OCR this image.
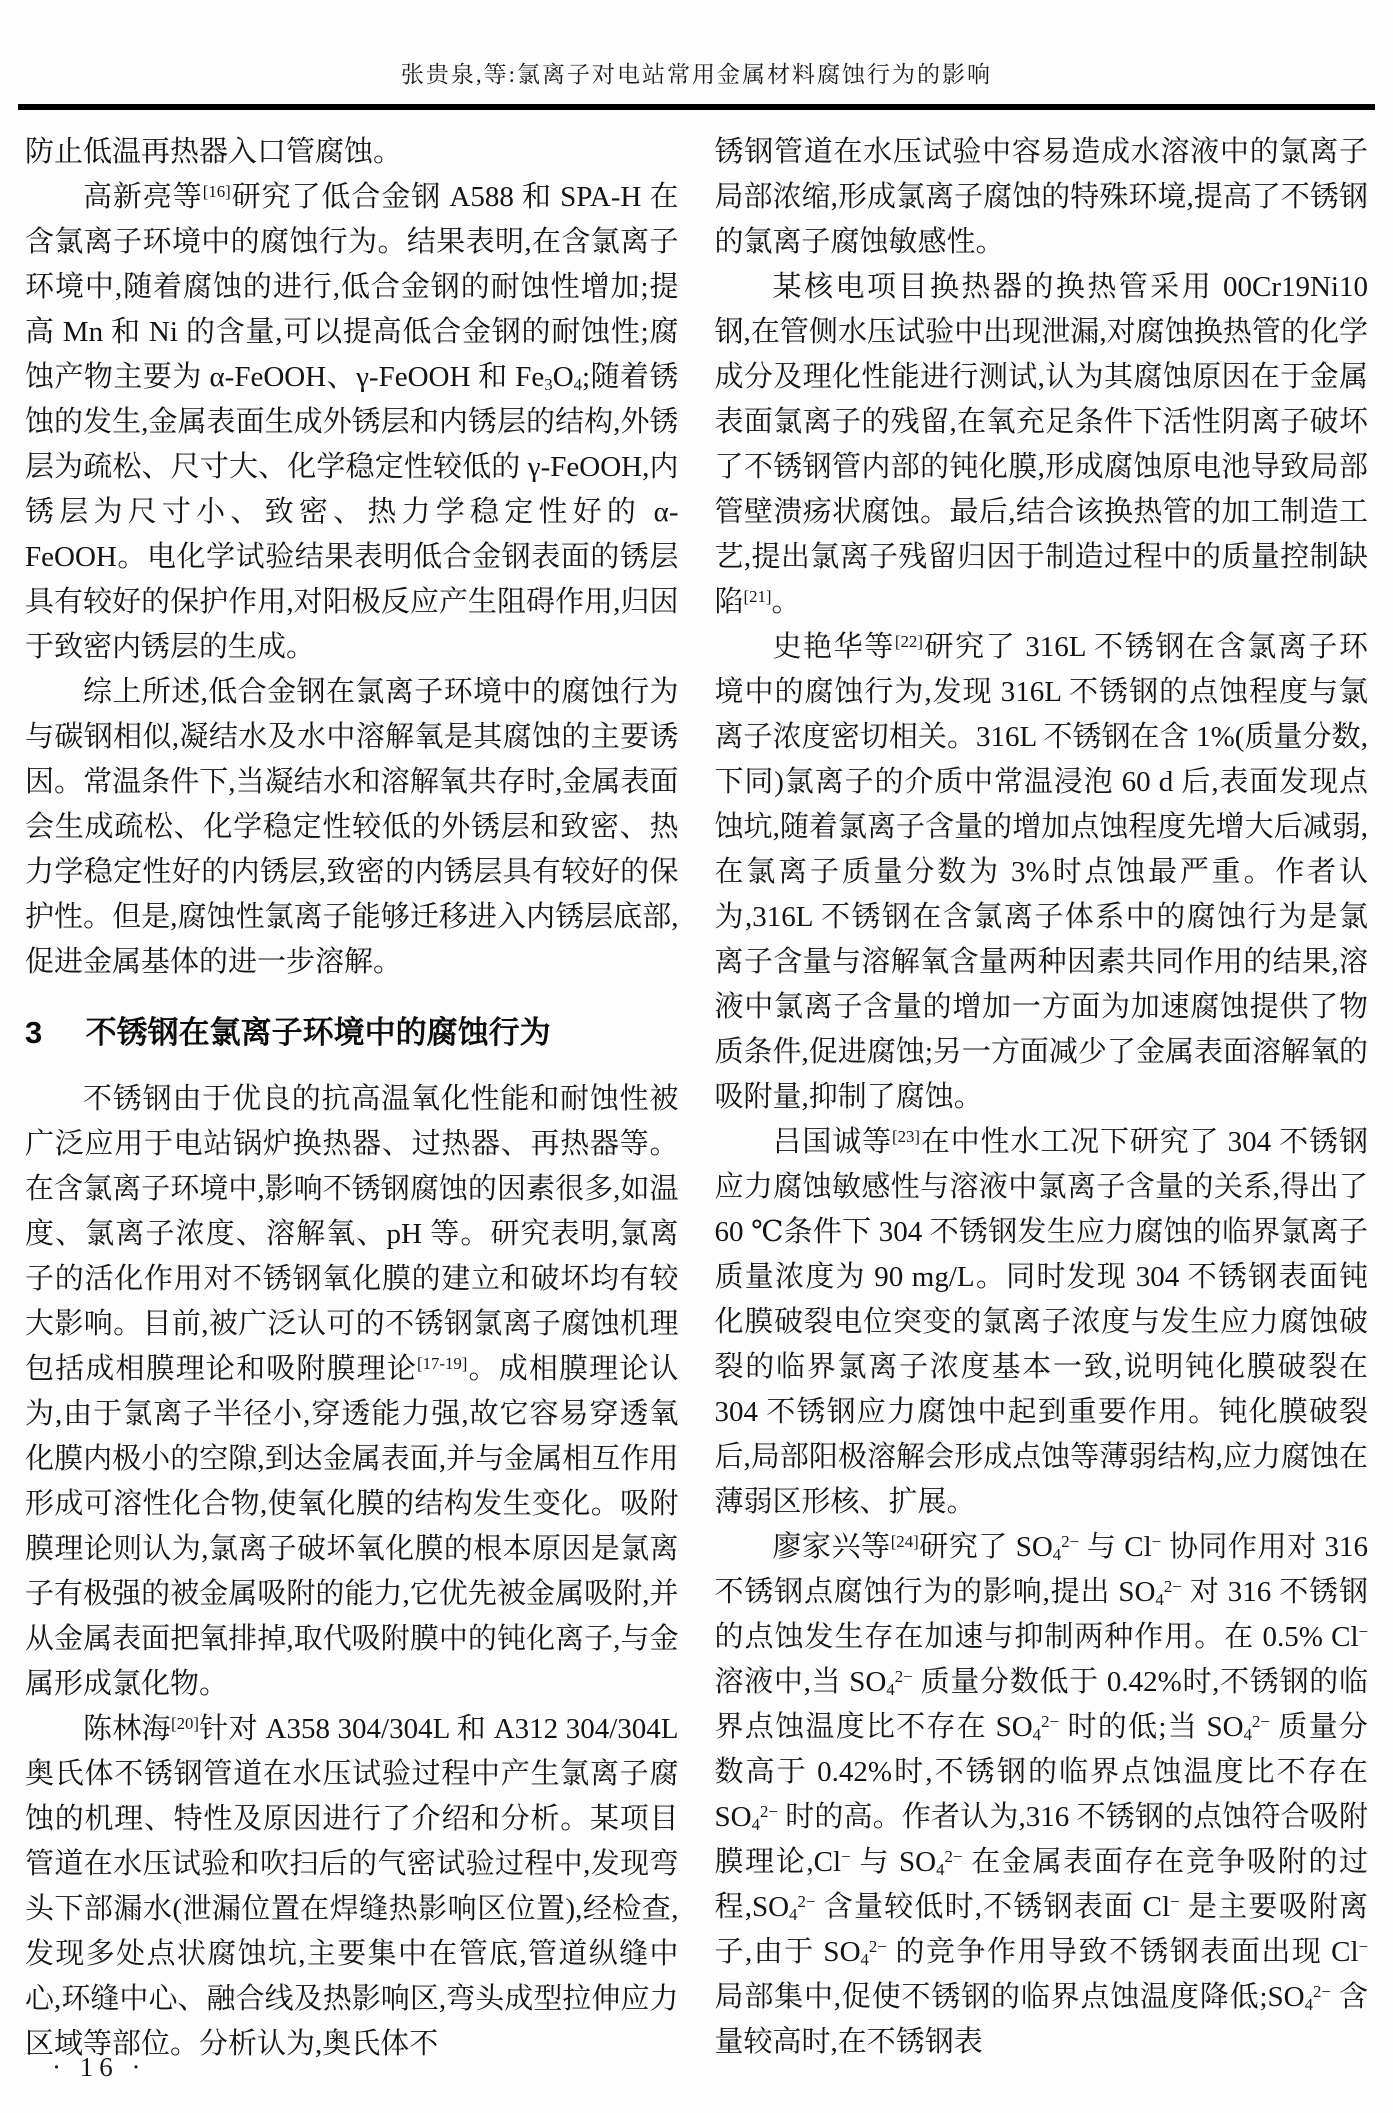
张贵泉,等:氯离子对电站常用金属材料腐蚀行为的影响

防止低温再热器入口管腐蚀。

高新亮等[16]研究了低合金钢 A588 和 SPA-H 在含氯离子环境中的腐蚀行为。结果表明,在含氯离子环境中,随着腐蚀的进行,低合金钢的耐蚀性增加;提高 Mn 和 Ni 的含量,可以提高低合金钢的耐蚀性;腐蚀产物主要为 α-FeOOH、γ-FeOOH 和 $Fe_3O_4$;随着锈蚀的发生,金属表面生成外锈层和内锈层的结构,外锈层为疏松、尺寸大、化学稳定性较低的 γ-FeOOH,内锈层为尺寸小、致密、热力学稳定性好的 α-FeOOH。电化学试验结果表明低合金钢表面的锈层具有较好的保护作用,对阳极反应产生阻碍作用,归因于致密内锈层的生成。

综上所述,低合金钢在氯离子环境中的腐蚀行为与碳钢相似,凝结水及水中溶解氧是其腐蚀的主要诱因。常温条件下,当凝结水和溶解氧共存时,金属表面会生成疏松、化学稳定性较低的外锈层和致密、热力学稳定性好的内锈层,致密的内锈层具有较好的保护性。但是,腐蚀性氯离子能够迁移进入内锈层底部,促进金属基体的进一步溶解。

3 不锈钢在氯离子环境中的腐蚀行为

不锈钢由于优良的抗高温氧化性能和耐蚀性被广泛应用于电站锅炉换热器、过热器、再热器等。在含氯离子环境中,影响不锈钢腐蚀的因素很多,如温度、氯离子浓度、溶解氧、pH 等。研究表明,氯离子的活化作用对不锈钢氧化膜的建立和破坏均有较大影响。目前,被广泛认可的不锈钢氯离子腐蚀机理包括成相膜理论和吸附膜理论[17-19]。成相膜理论认为,由于氯离子半径小,穿透能力强,故它容易穿透氧化膜内极小的空隙,到达金属表面,并与金属相互作用形成可溶性化合物,使氧化膜的结构发生变化。吸附膜理论则认为,氯离子破坏氧化膜的根本原因是氯离子有极强的被金属吸附的能力,它优先被金属吸附,并从金属表面把氧排掉,取代吸附膜中的钝化离子,与金属形成氯化物。

陈林海[20]针对 A358 304/304L 和 A312 304/304L 奥氏体不锈钢管道在水压试验过程中产生氯离子腐蚀的机理、特性及原因进行了介绍和分析。某项目管道在水压试验和吹扫后的气密试验过程中,发现弯头下部漏水(泄漏位置在焊缝热影响区位置),经检查,发现多处点状腐蚀坑,主要集中在管底,管道纵缝中心,环缝中心、融合线及热影响区,弯头成型拉伸应力区域等部位。分析认为,奥氏体不

锈钢管道在水压试验中容易造成水溶液中的氯离子局部浓缩,形成氯离子腐蚀的特殊环境,提高了不锈钢的氯离子腐蚀敏感性。

某核电项目换热器的换热管采用 00Cr19Ni10 钢,在管侧水压试验中出现泄漏,对腐蚀换热管的化学成分及理化性能进行测试,认为其腐蚀原因在于金属表面氯离子的残留,在氧充足条件下活性阴离子破坏了不锈钢管内部的钝化膜,形成腐蚀原电池导致局部管壁溃疡状腐蚀。最后,结合该换热管的加工制造工艺,提出氯离子残留归因于制造过程中的质量控制缺陷[21]。

史艳华等[22]研究了 316L 不锈钢在含氯离子环境中的腐蚀行为,发现 316L 不锈钢的点蚀程度与氯离子浓度密切相关。316L 不锈钢在含 1%(质量分数,下同)氯离子的介质中常温浸泡 60 d 后,表面发现点蚀坑,随着氯离子含量的增加点蚀程度先增大后减弱,在氯离子质量分数为 3%时点蚀最严重。作者认为,316L 不锈钢在含氯离子体系中的腐蚀行为是氯离子含量与溶解氧含量两种因素共同作用的结果,溶液中氯离子含量的增加一方面为加速腐蚀提供了物质条件,促进腐蚀;另一方面减少了金属表面溶解氧的吸附量,抑制了腐蚀。

吕国诚等[23]在中性水工况下研究了 304 不锈钢应力腐蚀敏感性与溶液中氯离子含量的关系,得出了 60 ℃条件下 304 不锈钢发生应力腐蚀的临界氯离子质量浓度为 90 mg/L。同时发现 304 不锈钢表面钝化膜破裂电位突变的氯离子浓度与发生应力腐蚀破裂的临界氯离子浓度基本一致,说明钝化膜破裂在 304 不锈钢应力腐蚀中起到重要作用。钝化膜破裂后,局部阳极溶解会形成点蚀等薄弱结构,应力腐蚀在薄弱区形核、扩展。

廖家兴等[24]研究了 $SO_4^{2-}$ 与 Cl− 协同作用对 316 不锈钢点腐蚀行为的影响,提出 $SO_4^{2-}$ 对 316 不锈钢的点蚀发生存在加速与抑制两种作用。在 0.5% Cl− 溶液中,当 $SO_4^{2-}$ 质量分数低于 0.42%时,不锈钢的临界点蚀温度比不存在 $SO_4^{2-}$ 时的低;当 $SO_4^{2-}$ 质量分数高于 0.42%时,不锈钢的临界点蚀温度比不存在 $SO_4^{2-}$ 时的高。作者认为,316 不锈钢的点蚀符合吸附膜理论,Cl− 与 $SO_4^{2-}$ 在金属表面存在竞争吸附的过程$,SO_4^{2-}$ 含量较低时,不锈钢表面 Cl− 是主要吸附离子,由于 $SO_4^{2-}$ 的竞争作用导致不锈钢表面出现 Cl− 局部集中,促使不锈钢的临界点蚀温度降低$;SO_4^{2-}$ 含量较高时,在不锈钢表

· 16 ·
